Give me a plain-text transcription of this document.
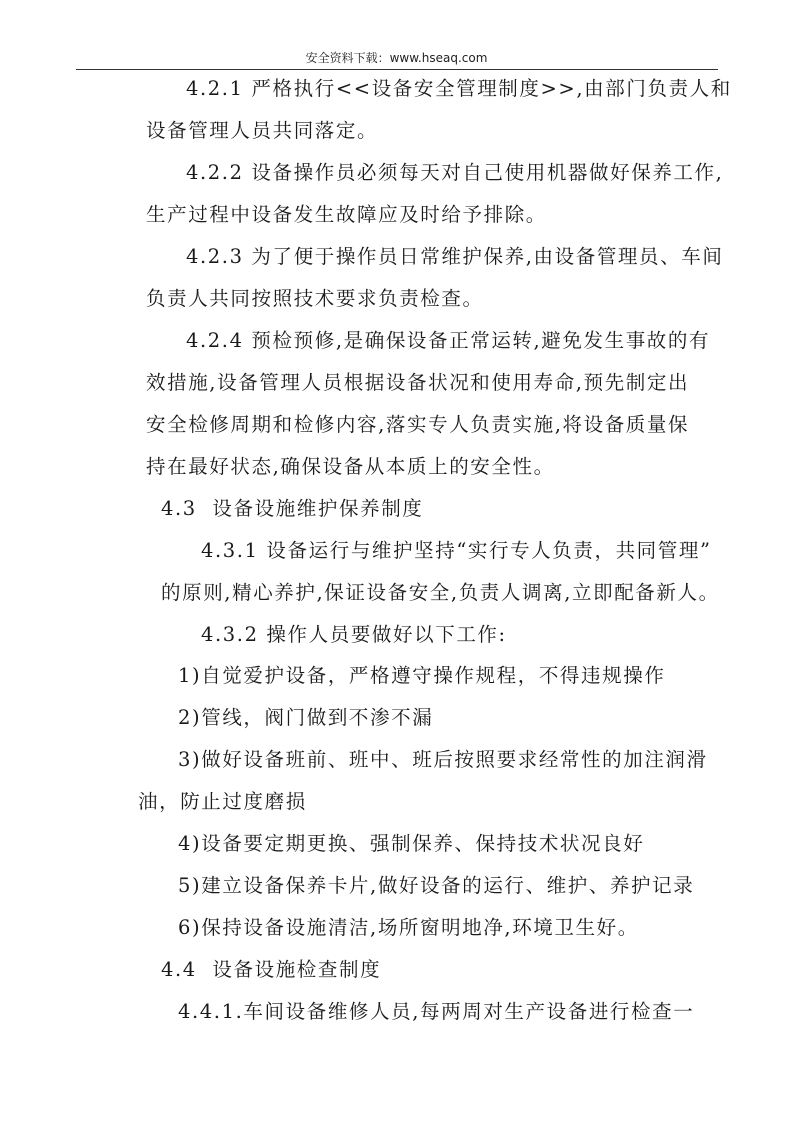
安全资料下载：www.hseaq.com
4.2.1 严格执行<<设备安全管理制度>>,由部门负责人和
设备管理人员共同落定。
4.2.2 设备操作员必须每天对自己使用机器做好保养工作,
生产过程中设备发生故障应及时给予排除。
4.2.3 为了便于操作员日常维护保养,由设备管理员、车间
负责人共同按照技术要求负责检查。
4.2.4 预检预修,是确保设备正常运转,避免发生事故的有
效措施,设备管理人员根据设备状况和使用寿命,预先制定出
安全检修周期和检修内容,落实专人负责实施,将设备质量保
持在最好状态,确保设备从本质上的安全性。
4.3  设备设施维护保养制度
4.3.1 设备运行与维护坚持“实行专人负责，共同管理”
的原则,精心养护,保证设备安全,负责人调离,立即配备新人。
4.3.2 操作人员要做好以下工作:
1)自觉爱护设备，严格遵守操作规程，不得违规操作
2)管线，阀门做到不渗不漏
3)做好设备班前、班中、班后按照要求经常性的加注润滑
油，防止过度磨损
4)设备要定期更换、强制保养、保持技术状况良好
5)建立设备保养卡片,做好设备的运行、维护、养护记录
6)保持设备设施清洁,场所窗明地净,环境卫生好。
4.4  设备设施检查制度
4.4.1.车间设备维修人员,每两周对生产设备进行检查一
